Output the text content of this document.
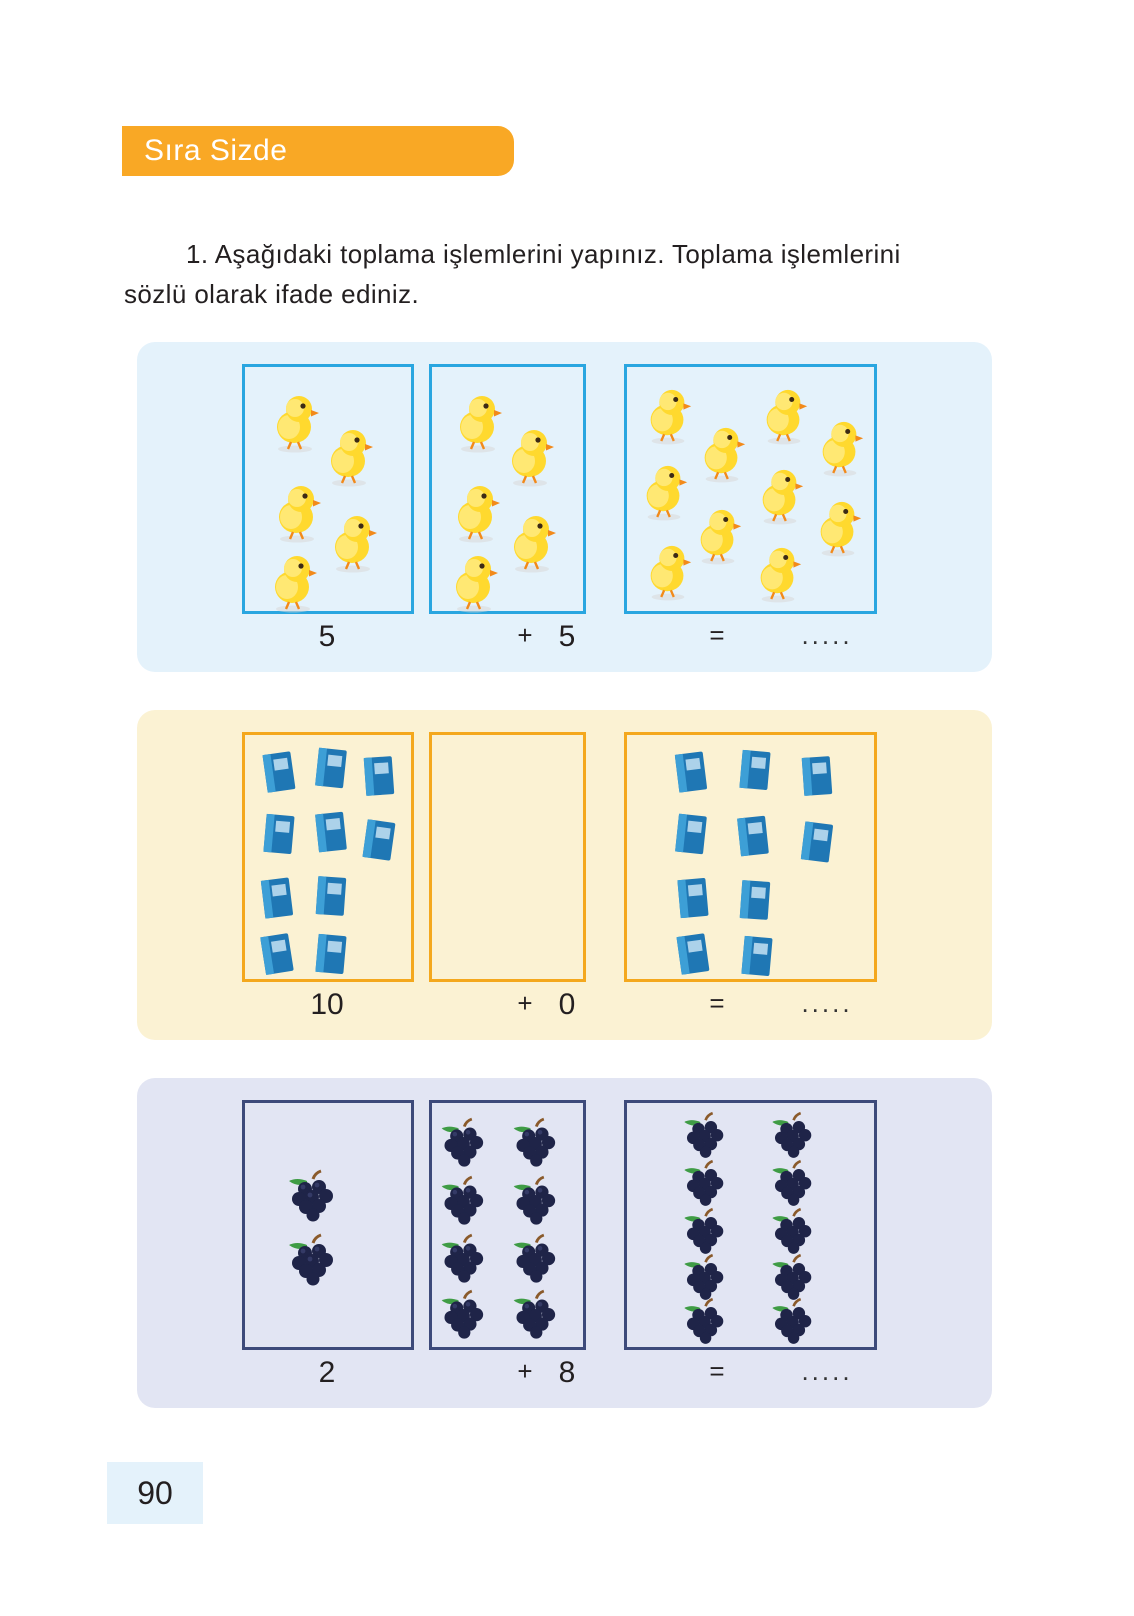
Sıra Sizde

1. Aşağıdaki toplama işlemlerini yapınız. Toplama işlemlerini sözlü olarak ifade ediniz.

5	+ 5	=	.....
10	+ 0	=	.....
2	+ 8	=	.....
90
